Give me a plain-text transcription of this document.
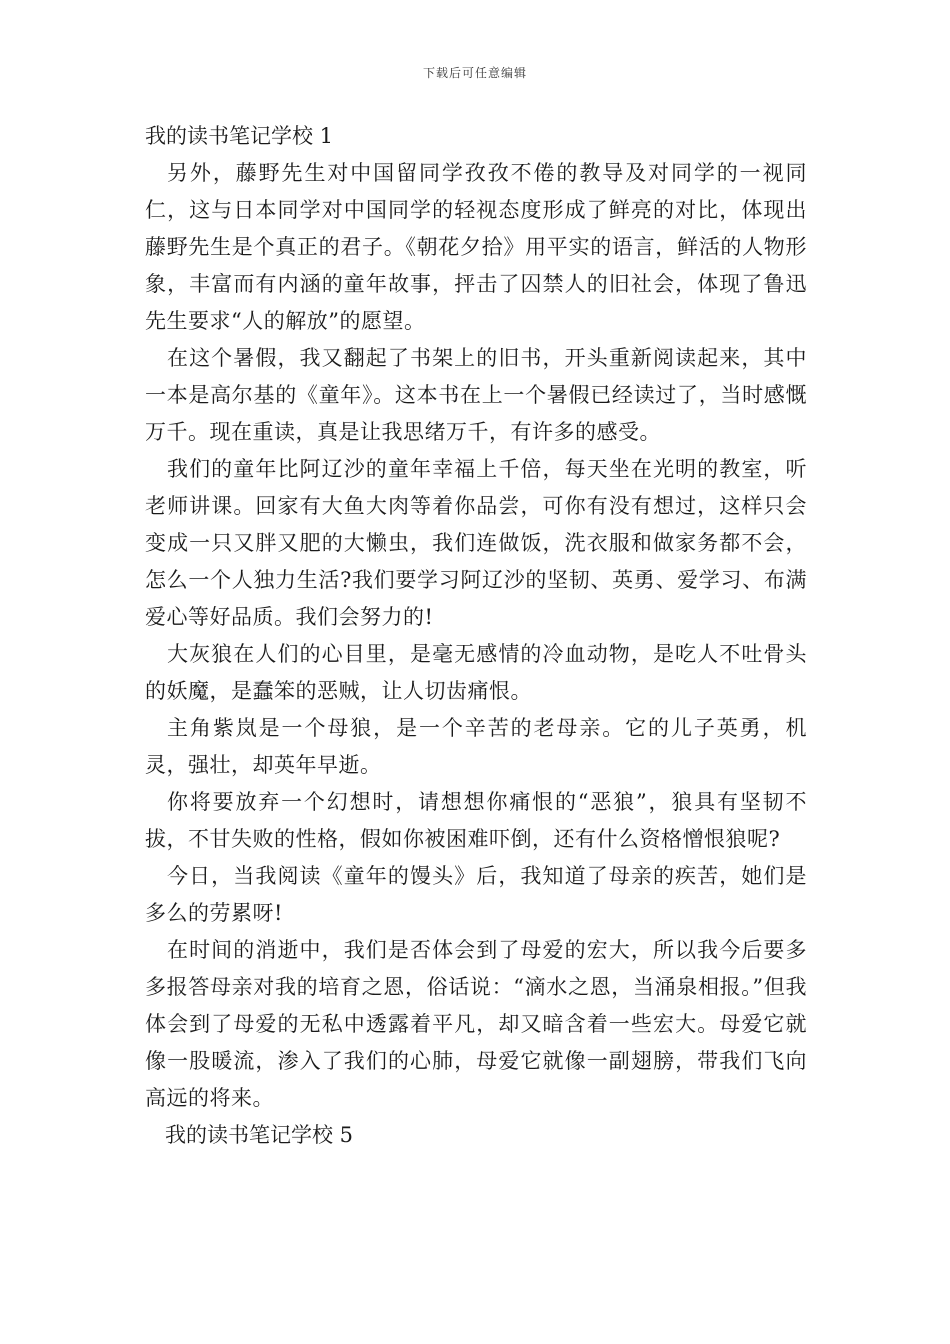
下载后可任意编辑

我的读书笔记学校 1

另外，藤野先生对中国留同学孜孜不倦的教导及对同学的一视同仁，这与日本同学对中国同学的轻视态度形成了鲜亮的对比，体现出藤野先生是个真正的君子。《朝花夕拾》用平实的语言，鲜活的人物形象，丰富而有内涵的童年故事，抨击了囚禁人的旧社会，体现了鲁迅先生要求“人的解放”的愿望。

在这个暑假，我又翻起了书架上的旧书，开头重新阅读起来，其中一本是高尔基的《童年》。这本书在上一个暑假已经读过了，当时感慨万千。现在重读，真是让我思绪万千，有许多的感受。

我们的童年比阿辽沙的童年幸福上千倍，每天坐在光明的教室，听老师讲课。回家有大鱼大肉等着你品尝，可你有没有想过，这样只会变成一只又胖又肥的大懒虫，我们连做饭，洗衣服和做家务都不会，怎么一个人独力生活?我们要学习阿辽沙的坚韧、英勇、爱学习、布满爱心等好品质。我们会努力的!

大灰狼在人们的心目里，是毫无感情的冷血动物，是吃人不吐骨头的妖魔，是蠢笨的恶贼，让人切齿痛恨。

主角紫岚是一个母狼，是一个辛苦的老母亲。它的儿子英勇，机灵，强壮，却英年早逝。

你将要放弃一个幻想时，请想想你痛恨的“恶狼”，狼具有坚韧不拔，不甘失败的性格，假如你被困难吓倒，还有什么资格憎恨狼呢?

今日，当我阅读《童年的馒头》后，我知道了母亲的疾苦，她们是多么的劳累呀!

在时间的消逝中，我们是否体会到了母爱的宏大，所以我今后要多多报答母亲对我的培育之恩，俗话说：“滴水之恩，当涌泉相报。”但我体会到了母爱的无私中透露着平凡，却又暗含着一些宏大。母爱它就像一股暖流，渗入了我们的心肺，母爱它就像一副翅膀，带我们飞向高远的将来。

我的读书笔记学校 5
